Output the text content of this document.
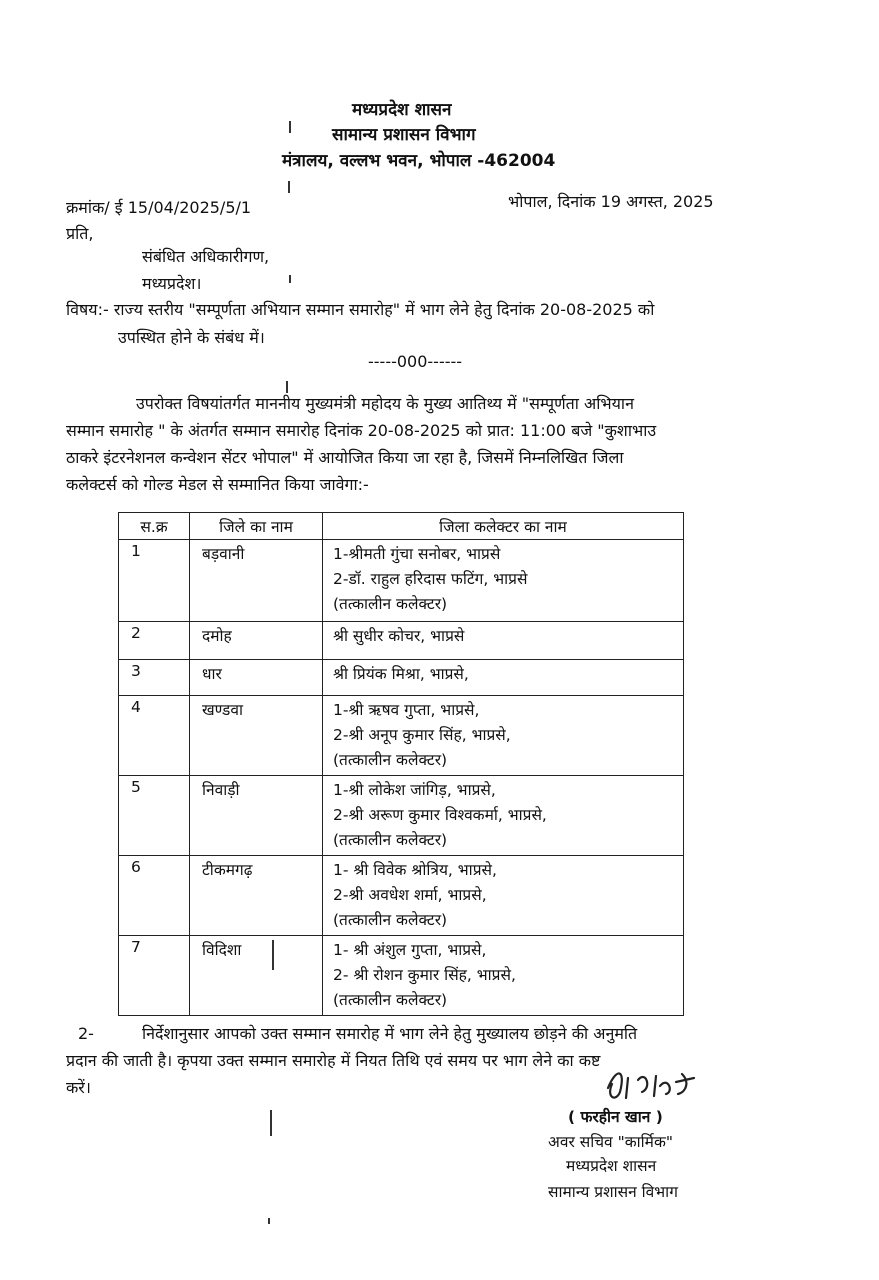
मध्यप्रदेश शासन
सामान्य प्रशासन विभाग
मंत्रालय, वल्लभ भवन, भोपाल -462004
क्रमांक/ ई 15/04/2025/5/1	भोपाल, दिनांक 19 अगस्त, 2025
प्रति,
संबंधित अधिकारीगण,
मध्यप्रदेश।
विषय:- राज्य स्तरीय "सम्पूर्णता अभियान सम्मान समारोह" में भाग लेने हेतु दिनांक 20-08-2025 को
उपस्थित होने के संबंध में।
-----000------
उपरोक्त विषयांतर्गत माननीय मुख्यमंत्री महोदय के मुख्य आतिथ्य में "सम्पूर्णता अभियान
सम्मान समारोह " के अंतर्गत सम्मान समारोह दिनांक 20-08-2025 को प्रात: 11:00 बजे "कुशाभाउ
ठाकरे इंटरनेशनल कन्वेशन सेंटर भोपाल" में आयोजित किया जा रहा है, जिसमें निम्नलिखित जिला
कलेक्टर्स को गोल्ड मेडल से सम्मानित किया जावेगा:-
स.क्र	जिले का नाम	जिला कलेक्टर का नाम
1	बड़वानी	1-श्रीमती गुंचा सनोबर, भाप्रसे
2-डॉ. राहुल हरिदास फटिंग, भाप्रसे
(तत्कालीन कलेक्टर)

2	दमोह	श्री सुधीर कोचर, भाप्रसे

3	धार	श्री प्रियंक मिश्रा, भाप्रसे,

4	खण्डवा	1-श्री ऋषव गुप्ता, भाप्रसे,
2-श्री अनूप कुमार सिंह, भाप्रसे,
(तत्कालीन कलेक्टर)

5	निवाड़ी	1-श्री लोकेश जांगिड़, भाप्रसे,
2-श्री अरूण कुमार विश्वकर्मा, भाप्रसे,
(तत्कालीन कलेक्टर)

6	टीकमगढ़	1- श्री विवेक श्रोत्रिय, भाप्रसे,
2-श्री अवधेश शर्मा, भाप्रसे,
(तत्कालीन कलेक्टर)

7	विदिशा	1- श्री अंशुल गुप्ता, भाप्रसे,
2- श्री रोशन कुमार सिंह, भाप्रसे,
(तत्कालीन कलेक्टर)
2-	निर्देशानुसार आपको उक्त सम्मान समारोह में भाग लेने हेतु मुख्यालय छोड़ने की अनुमति
प्रदान की जाती है। कृपया उक्त सम्मान समारोह में नियत तिथि एवं समय पर भाग लेने का कष्ट
करें।
( फरहीन खान )
अवर सचिव "कार्मिक"
मध्यप्रदेश शासन
सामान्य प्रशासन विभाग
